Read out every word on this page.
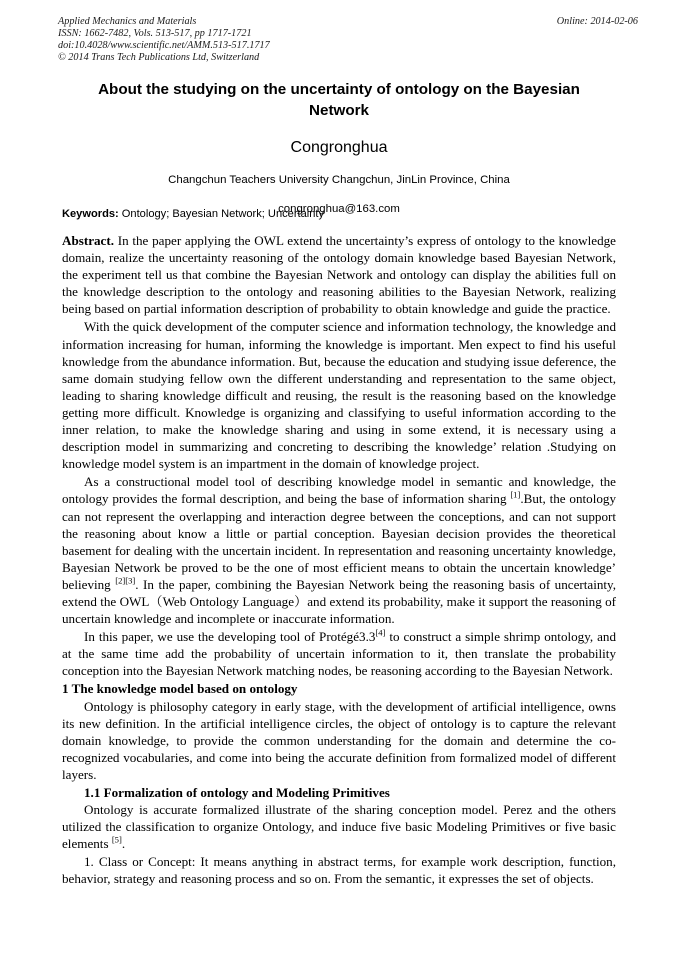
Applied Mechanics and Materials	Online: 2014-02-06
ISSN: 1662-7482, Vols. 513-517, pp 1717-1721
doi:10.4028/www.scientific.net/AMM.513-517.1717
© 2014 Trans Tech Publications Ltd, Switzerland
About the studying on the uncertainty of ontology on the Bayesian Network
Congronghua
Changchun Teachers University Changchun, JinLin Province, China
congronghua@163.com

Keywords: Ontology; Bayesian Network; Uncertainty

Abstract. In the paper applying the OWL extend the uncertainty’s express of ontology to the knowledge domain, realize the uncertainty reasoning of the ontology domain knowledge based Bayesian Network, the experiment tell us that combine the Bayesian Network and ontology can display the abilities full on the knowledge description to the ontology and reasoning abilities to the Bayesian Network, realizing being based on partial information description of probability to obtain knowledge and guide the practice.

With the quick development of the computer science and information technology, the knowledge and information increasing for human, informing the knowledge is important. Men expect to find his useful knowledge from the abundance information. But, because the education and studying issue deference, the same domain studying fellow own the different understanding and representation to the same object, leading to sharing knowledge difficult and reusing, the result is the reasoning based on the knowledge getting more difficult. Knowledge is organizing and classifying to useful information according to the inner relation, to make the knowledge sharing and using in some extend, it is necessary using a description model in summarizing and concreting to describing the knowledge’ relation .Studying on knowledge model system is an impartment in the domain of knowledge project.

As a constructional model tool of describing knowledge model in semantic and knowledge, the ontology provides the formal description, and being the base of information sharing [1].But, the ontology can not represent the overlapping and interaction degree between the conceptions, and can not support the reasoning about know a little or partial conception. Bayesian decision provides the theoretical basement for dealing with the uncertain incident. In representation and reasoning uncertainty knowledge, Bayesian Network be proved to be the one of most efficient means to obtain the uncertain knowledge’ believing [2][3]. In the paper, combining the Bayesian Network being the reasoning basis of uncertainty, extend the OWL（Web Ontology Language）and extend its probability, make it support the reasoning of uncertain knowledge and incomplete or inaccurate information.

In this paper, we use the developing tool of Protégé3.3[4] to construct a simple shrimp ontology, and at the same time add the probability of uncertain information to it, then translate the probability conception into the Bayesian Network matching nodes, be reasoning according to the Bayesian Network.

1 The knowledge model based on ontology

Ontology is philosophy category in early stage, with the development of artificial intelligence, owns its new definition. In the artificial intelligence circles, the object of ontology is to capture the relevant domain knowledge, to provide the common understanding for the domain and determine the co-recognized vocabularies, and come into being the accurate definition from formalized model of different layers.

1.1 Formalization of ontology and Modeling Primitives

Ontology is accurate formalized illustrate of the sharing conception model. Perez and the others utilized the classification to organize Ontology, and induce five basic Modeling Primitives or five basic elements [5].

1. Class or Concept: It means anything in abstract terms, for example work description, function, behavior, strategy and reasoning process and so on. From the semantic, it expresses the set of objects.
